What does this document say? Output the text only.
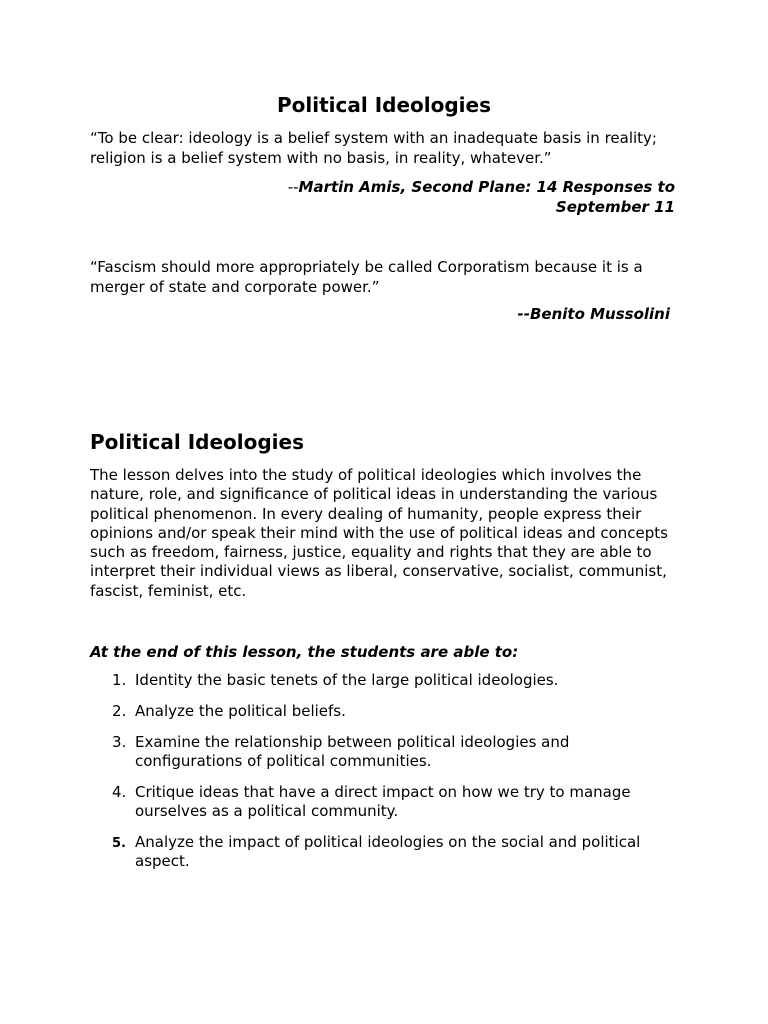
Political Ideologies
“To be clear: ideology is a belief system with an inadequate basis in reality; religion is a belief system with no basis, in reality, whatever.”
--Martin Amis, Second Plane: 14 Responses to September 11
“Fascism should more appropriately be called Corporatism because it is a merger of state and corporate power.”
--Benito Mussolini
Political Ideologies
The lesson delves into the study of political ideologies which involves the nature, role, and significance of political ideas in understanding the various political phenomenon. In every dealing of humanity, people express their opinions and/or speak their mind with the use of political ideas and concepts such as freedom, fairness, justice, equality and rights that they are able to interpret their individual views as liberal, conservative, socialist, communist, fascist, feminist, etc.
At the end of this lesson, the students are able to:
1. Identity the basic tenets of the large political ideologies.
2. Analyze the political beliefs.
3. Examine the relationship between political ideologies and configurations of political communities.
4. Critique ideas that have a direct impact on how we try to manage ourselves as a political community.
5. Analyze the impact of political ideologies on the social and political aspect.
